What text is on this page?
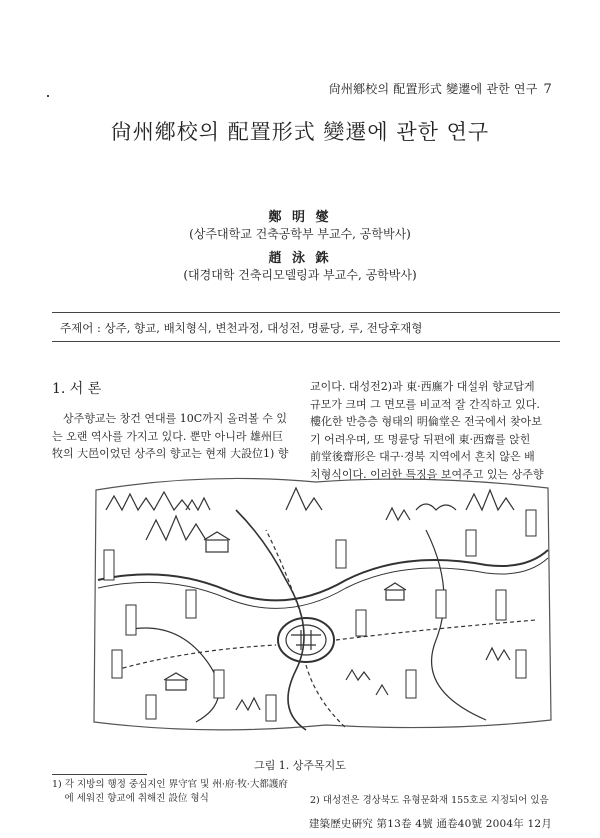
尙州鄕校의 配置形式 變遷에 관한 연구 7
尙州鄕校의 配置形式 變遷에 관한 연구
鄭 明 燮
(상주대학교 건축공학부 부교수, 공학박사)
趙 泳 銖
(대경대학 건축리모델링과 부교수, 공학박사)
주제어 : 상주, 향교, 배치형식, 변천과정, 대성전, 명륜당, 루, 전당후재형
1. 서 론

　상주향교는 창건 연대를 10C까지 올려볼 수 있

는 오랜 역사를 가지고 있다. 뿐만 아니라 雄州巨

牧의 大邑이었던 상주의 향교는 현재 大設位1) 향

교이다. 대성전2)과 東·西廡가 대설위 향교답게

규모가 크며 그 면모를 비교적 잘 간직하고 있다.

樓化한 반층층 형태의 明倫堂은 전국에서 찾아보

기 어려우며, 또 명륜당 뒤편에 東·西齋를 앉힌

前堂後齋形은 대구·경북 지역에서 흔치 않은 배

치형식이다. 이러한 특징을 보여주고 있는 상주향

그림 1. 상주목지도
1) 각 지방의 행정 중심지인 界守官 및 州·府·牧·大都護府
　 에 세워진 향교에 취해진 設位 형식	2) 대성전은 경상북도 유형문화재 155호로 지정되어 있음
建築歷史硏究 第13卷 4號 通卷40號 2004年 12月
